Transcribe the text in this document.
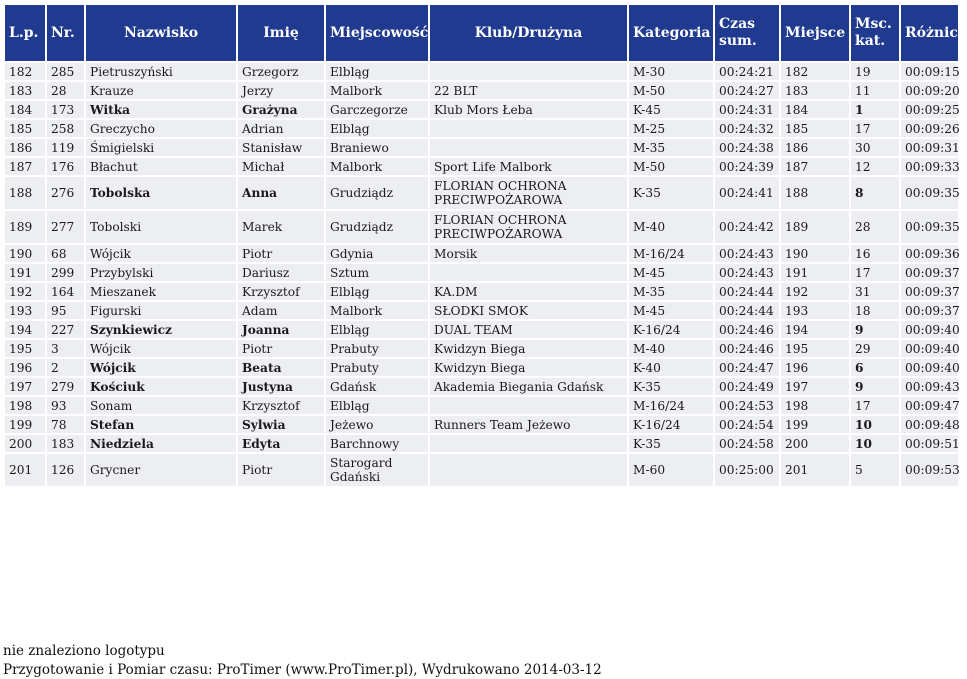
L.p.	Nr.	Nazwisko	Imię	Miejscowość	Klub/Drużyna	Kategoria	Czas sum.	Miejsce	Msc. kat.	Różnica
182	285	Pietruszyński	Grzegorz	Elbląg		M-30	00:24:21	182	19	00:09:15
183	28	Krauze	Jerzy	Malbork	22 BLT	M-50	00:24:27	183	11	00:09:20
184	173	Witka	Grażyna	Garczegorze	Klub Mors Łeba	K-45	00:24:31	184	1	00:09:25
185	258	Greczycho	Adrian	Elbląg		M-25	00:24:32	185	17	00:09:26
186	119	Śmigielski	Stanisław	Braniewo		M-35	00:24:38	186	30	00:09:31
187	176	Błachut	Michał	Malbork	Sport Life Malbork	M-50	00:24:39	187	12	00:09:33
188	276	Tobolska	Anna	Grudziądz	FLORIAN OCHRONA PRECIWPOŻAROWA	K-35	00:24:41	188	8	00:09:35
189	277	Tobolski	Marek	Grudziądz	FLORIAN OCHRONA PRECIWPOŻAROWA	M-40	00:24:42	189	28	00:09:35
190	68	Wójcik	Piotr	Gdynia	Morsik	M-16/24	00:24:43	190	16	00:09:36
191	299	Przybylski	Dariusz	Sztum		M-45	00:24:43	191	17	00:09:37
192	164	Mieszanek	Krzysztof	Elbląg	KA.DM	M-35	00:24:44	192	31	00:09:37
193	95	Figurski	Adam	Malbork	SŁODKI SMOK	M-45	00:24:44	193	18	00:09:37
194	227	Szynkiewicz	Joanna	Elbląg	DUAL TEAM	K-16/24	00:24:46	194	9	00:09:40
195	3	Wójcik	Piotr	Prabuty	Kwidzyn Biega	M-40	00:24:46	195	29	00:09:40
196	2	Wójcik	Beata	Prabuty	Kwidzyn Biega	K-40	00:24:47	196	6	00:09:40
197	279	Kościuk	Justyna	Gdańsk	Akademia Biegania Gdańsk	K-35	00:24:49	197	9	00:09:43
198	93	Sonam	Krzysztof	Elbląg		M-16/24	00:24:53	198	17	00:09:47
199	78	Stefan	Sylwia	Jeżewo	Runners Team Jeżewo	K-16/24	00:24:54	199	10	00:09:48
200	183	Niedziela	Edyta	Barchnowy		K-35	00:24:58	200	10	00:09:51
201	126	Grycner	Piotr	Starogard Gdański		M-60	00:25:00	201	5	00:09:53
nie znaleziono logotypu
Przygotowanie i Pomiar czasu: ProTimer (www.ProTimer.pl), Wydrukowano 2014-03-12
